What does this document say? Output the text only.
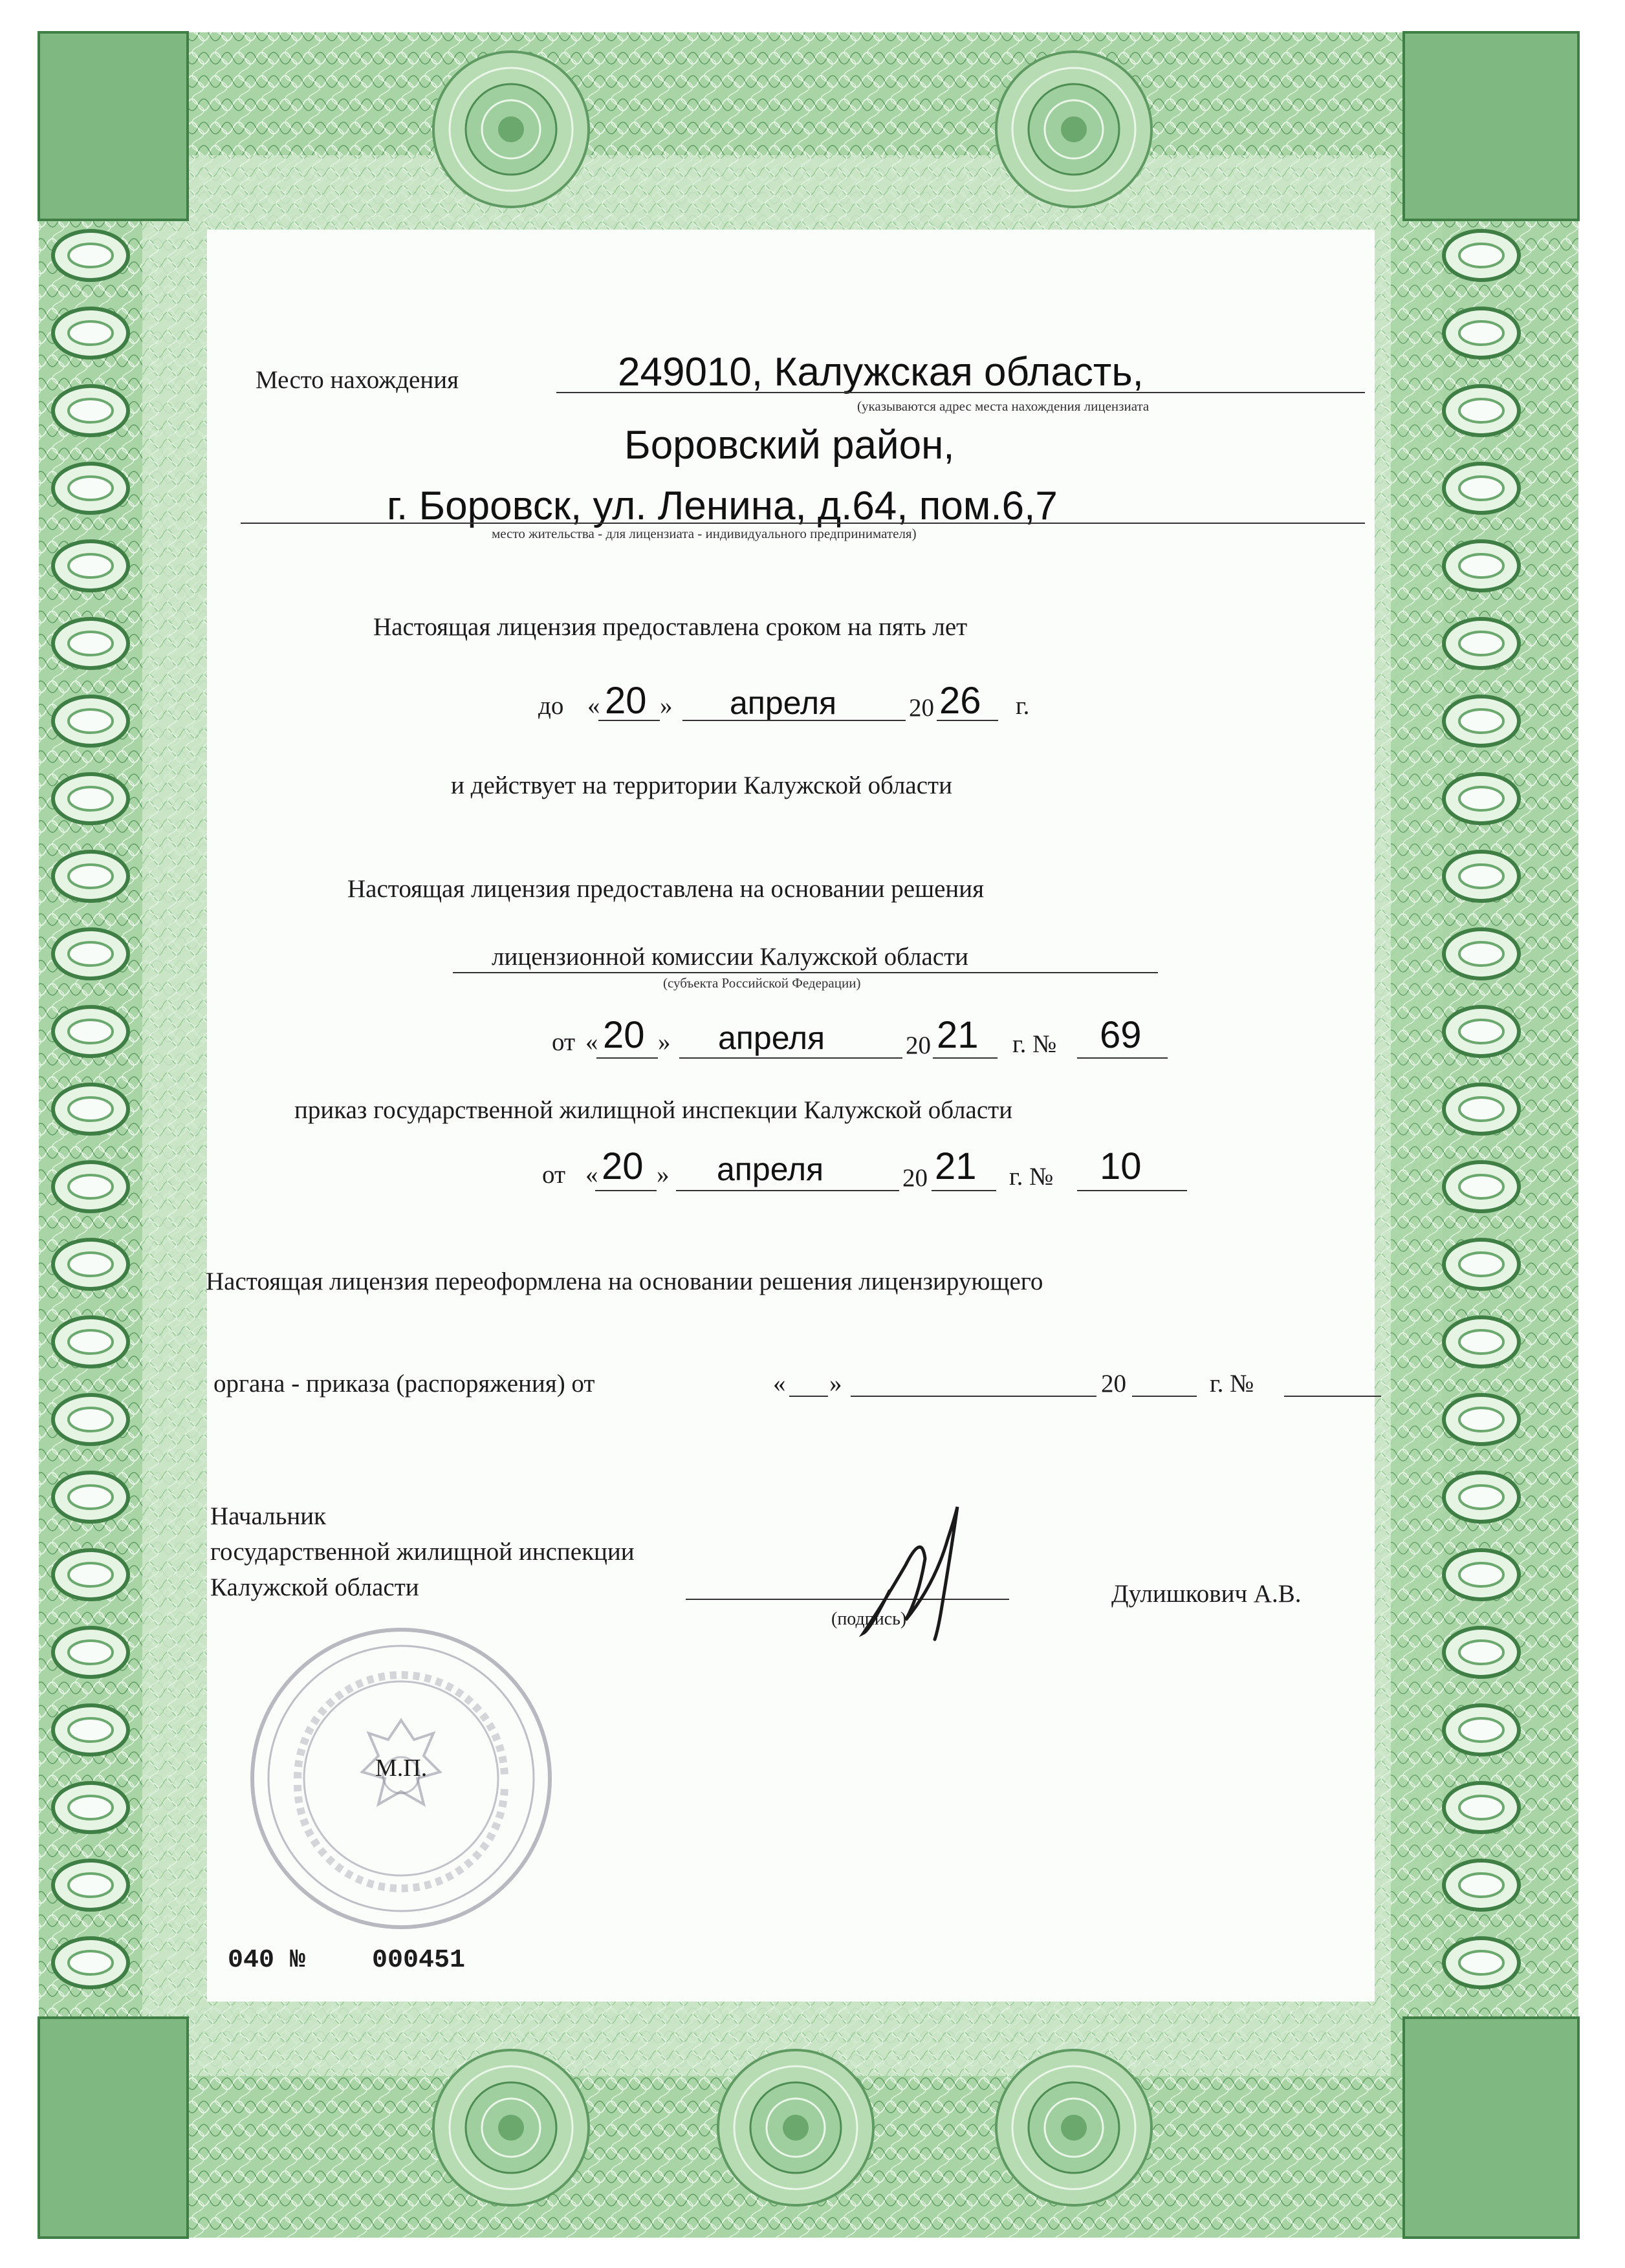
Место нахождения	249010, Калужская область,
(указываются адрес места нахождения лицензиата
Боровский район,
г. Боровск, ул. Ленина, д.64, пом.6,7
место жительства - для лицензиата - индивидуального предпринимателя)
Настоящая лицензия предоставлена сроком на пять лет
до « 20 » апреля	20 26 г.
и действует на территории Калужской области
Настоящая лицензия предоставлена на основании решения
лицензионной комиссии Калужской области
(субъекта Российской Федерации)
от « 20 » апреля	20 21 г. № 69
приказ государственной жилищной инспекции Калужской области
от « 20 » апреля	20 21 г. № 10
Настоящая лицензия переоформлена на основании решения лицензирующего
органа - приказа (распоряжения) от	« »	20	г. №
Начальник
государственной жилищной инспекции
Калужской области
(подпись)
Дулишкович А.В.
М.П.
040 №	000451
